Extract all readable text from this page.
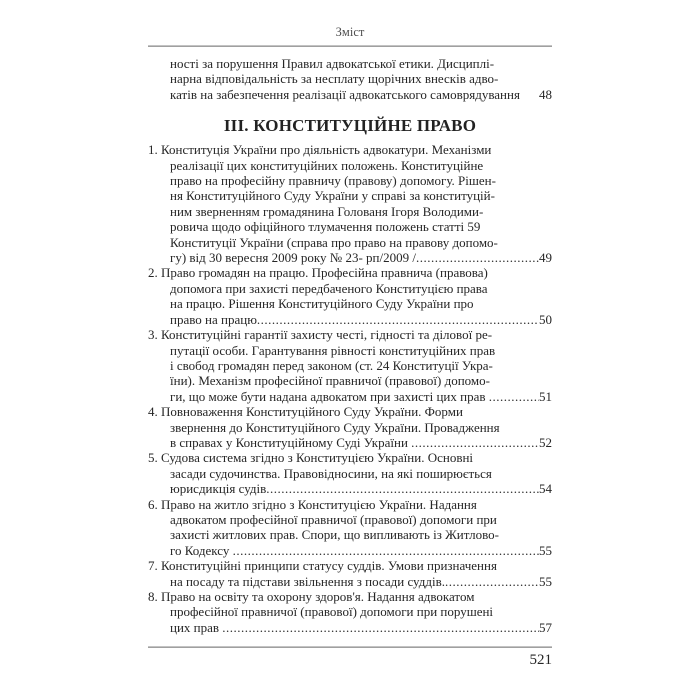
Зміст
ності за порушення Правил адвокатської етики. Дисциплі-
нарна відповідальність за несплату щорічних внесків адво-
катів на забезпечення реалізації адвокатського самоврядування 48
ІІІ. КОНСТИТУЦІЙНЕ ПРАВО
1. Конституція України про діяльність адвокатури. Механізми
реалізації цих конституційних положень. Конституційне
право на професійну правничу (правову) допомогу. Рішен-
ня Конституційного Суду України у справі за конституцій-
ним зверненням громадянина Голованя Ігоря Володими-
ровича щодо офіційного тлумачення положень статті 59
Конституції України (справа про право на правову допомо-
гу) від 30 вересня 2009 року № 23- рп/2009 / .....	49
2. Право громадян на працю. Професійна правнича (правова)
допомога при захисті передбаченого Конституцією права
на працю. Рішення Конституційного Суду України про
право на працю .....	50
3. Конституційні гарантії захисту честі, гідності та ділової ре-
путації особи. Гарантування рівності конституційних прав
і свобод громадян перед законом (ст. 24 Конституції Укра-
їни). Механізм професійної правничої (правової) допомо-
ги, що може бути надана адвокатом при захисті цих прав .....	51
4. Повноваження Конституційного Суду України. Форми
звернення до Конституційного Суду України. Провадження
в справах у Конституційному Суді України .....	52
5. Судова система згідно з Конституцією України. Основні
засади судочинства. Правовідносини, на які поширюється
юрисдикція судів .....	54
6. Право на житло згідно з Конституцією України. Надання
адвокатом професійної правничої (правової) допомоги при
захисті житлових прав. Спори, що випливають із Житлово-
го Кодексу .....	55
7. Конституційні принципи статусу суддів. Умови призначення
на посаду та підстави звільнення з посади суддів. .....	55
8. Право на освіту та охорону здоров'я. Надання адвокатом
професійної правничої (правової) допомоги при порушені
цих прав .....	57
521
